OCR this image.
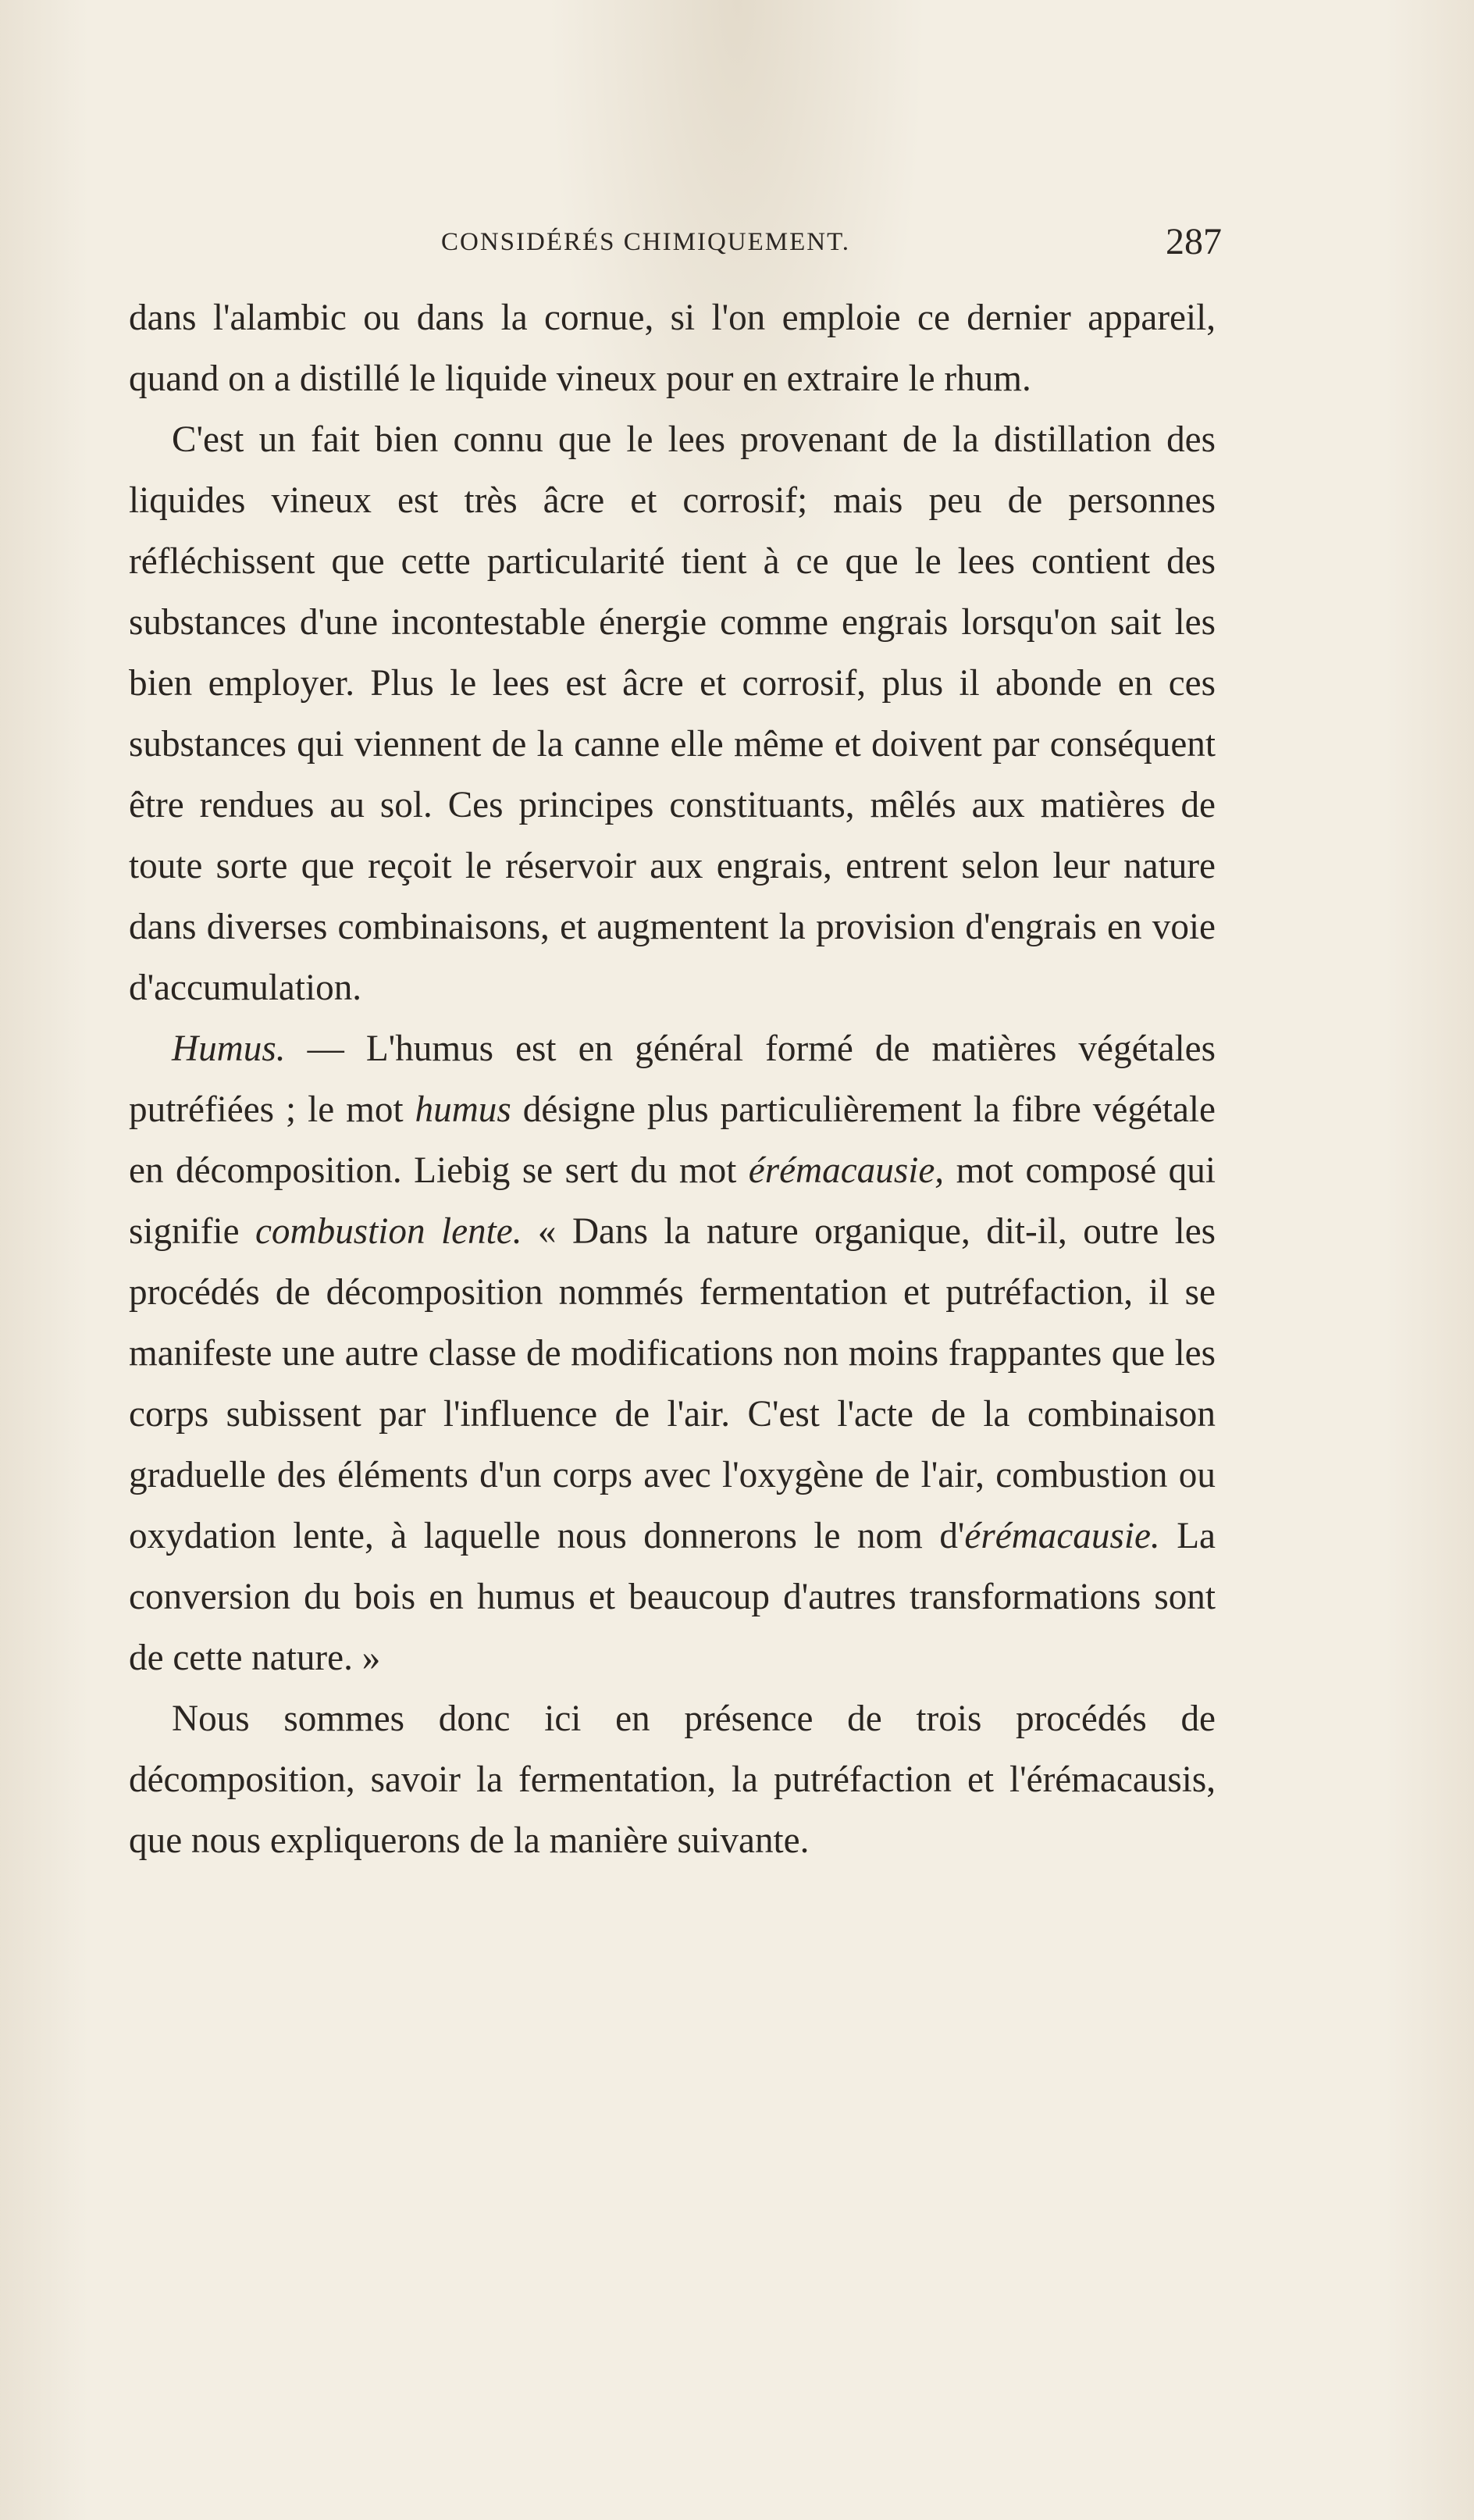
CONSIDÉRÉS CHIMIQUEMENT.	287

dans l'alambic ou dans la cornue, si l'on emploie ce dernier appareil, quand on a distillé le liquide vineux pour en extraire le rhum.

C'est un fait bien connu que le lees provenant de la distillation des liquides vineux est très âcre et corrosif; mais peu de personnes réfléchissent que cette particularité tient à ce que le lees contient des substances d'une incontestable énergie comme engrais lorsqu'on sait les bien employer. Plus le lees est âcre et corrosif, plus il abonde en ces substances qui viennent de la canne elle même et doivent par conséquent être rendues au sol. Ces principes constituants, mêlés aux matières de toute sorte que reçoit le réservoir aux engrais, entrent selon leur nature dans diverses combinaisons, et augmentent la provision d'engrais en voie d'accumulation.

Humus. — L'humus est en général formé de matières végétales putréfiées ; le mot humus désigne plus particulièrement la fibre végétale en décomposition. Liebig se sert du mot érémacausie, mot composé qui signifie combustion lente. « Dans la nature organique, dit-il, outre les procédés de décomposition nommés fermentation et putréfaction, il se manifeste une autre classe de modifications non moins frappantes que les corps subissent par l'influence de l'air. C'est l'acte de la combinaison graduelle des éléments d'un corps avec l'oxygène de l'air, combustion ou oxydation lente, à laquelle nous donnerons le nom d'érémacausie. La conversion du bois en humus et beaucoup d'autres transformations sont de cette nature. »

Nous sommes donc ici en présence de trois procédés de décomposition, savoir la fermentation, la putréfaction et l'érémacausis, que nous expliquerons de la manière suivante.
